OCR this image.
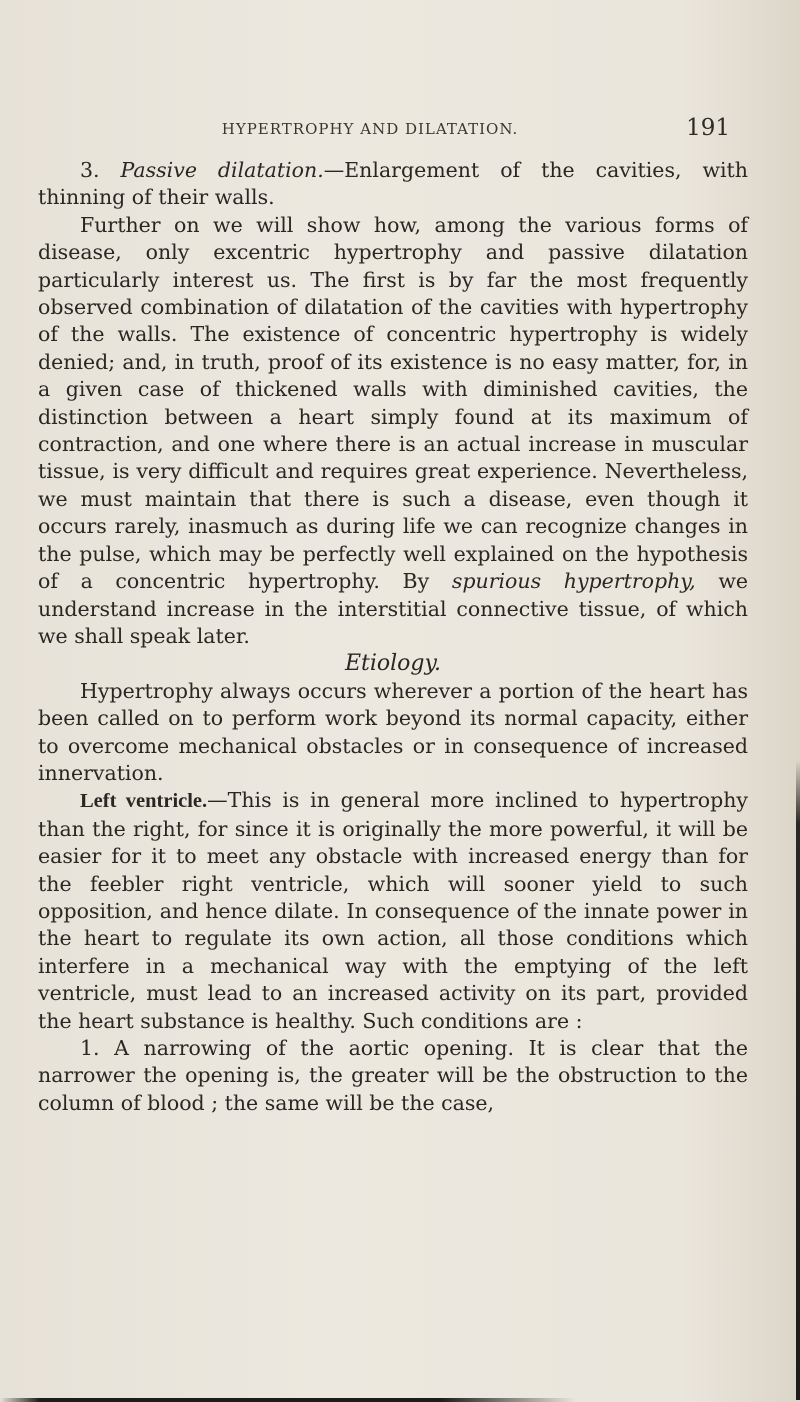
HYPERTROPHY AND DILATATION.	191

3. Passive dilatation.—Enlargement of the cavities, with thinning of their walls.

Further on we will show how, among the various forms of disease, only excentric hypertrophy and passive dilatation particularly interest us. The first is by far the most frequently observed combination of dilatation of the cavities with hypertrophy of the walls. The existence of concentric hypertrophy is widely denied; and, in truth, proof of its existence is no easy matter, for, in a given case of thickened walls with diminished cavities, the distinction between a heart simply found at its maximum of contraction, and one where there is an actual increase in muscular tissue, is very difficult and requires great experience. Nevertheless, we must maintain that there is such a disease, even though it occurs rarely, inasmuch as during life we can recognize changes in the pulse, which may be perfectly well explained on the hypothesis of a concentric hypertrophy. By spurious hypertrophy, we understand increase in the interstitial connective tissue, of which we shall speak later.

Etiology.

Hypertrophy always occurs wherever a portion of the heart has been called on to perform work beyond its normal capacity, either to overcome mechanical obstacles or in consequence of increased innervation.

Left ventricle.—This is in general more inclined to hypertrophy than the right, for since it is originally the more powerful, it will be easier for it to meet any obstacle with increased energy than for the feebler right ventricle, which will sooner yield to such opposition, and hence dilate. In consequence of the innate power in the heart to regulate its own action, all those conditions which interfere in a mechanical way with the emptying of the left ventricle, must lead to an increased activity on its part, provided the heart substance is healthy. Such conditions are :

1. A narrowing of the aortic opening. It is clear that the narrower the opening is, the greater will be the obstruction to the column of blood ; the same will be the case,
